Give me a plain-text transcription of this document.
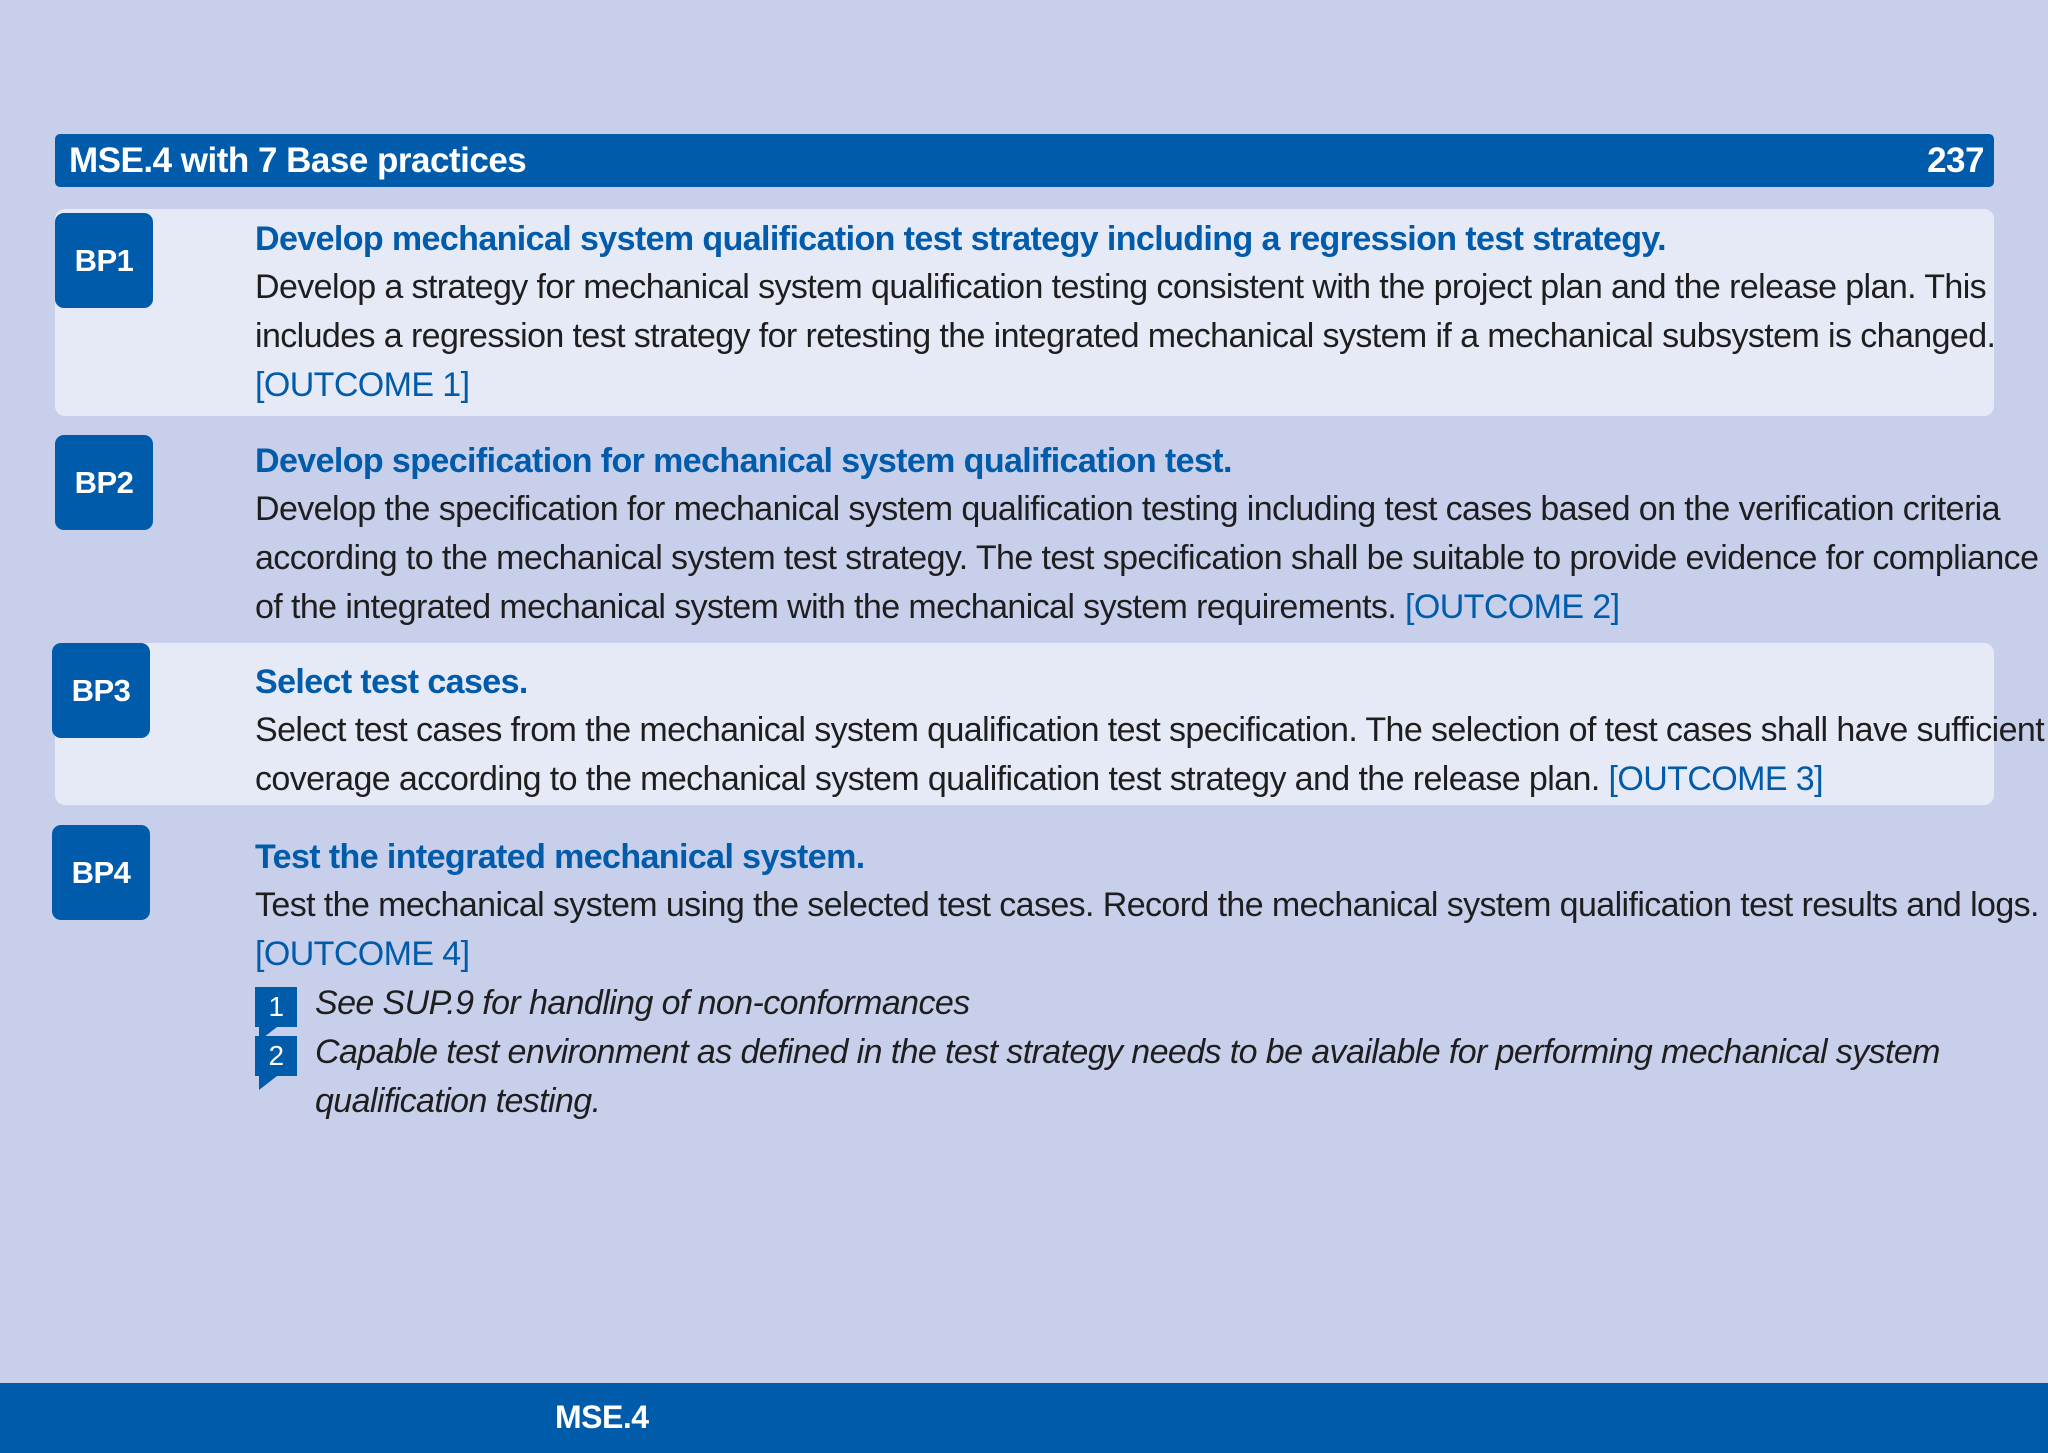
MSE.4 with 7 Base practices	237
BP1
Develop mechanical system qualification test strategy including a regression test strategy.
Develop a strategy for mechanical system qualification testing consistent with the project plan and the release plan. This includes a regression test strategy for retesting the integrated mechanical system if a mechanical subsystem is changed. [OUTCOME 1]
BP2
Develop specification for mechanical system qualification test.
Develop the specification for mechanical system qualification testing including test cases based on the verification criteria according to the mechanical system test strategy. The test specification shall be suitable to provide evidence for compliance of the integrated mechanical system with the mechanical system requirements. [OUTCOME 2]
BP3	Select test cases.
Select test cases from the mechanical system qualification test specification. The selection of test cases shall have sufficient coverage according to the mechanical system qualification test strategy and the release plan. [OUTCOME 3]
BP4	Test the integrated mechanical system.
Test the mechanical system using the selected test cases. Record the mechanical system qualification test results and logs. [OUTCOME 4]
1 See SUP.9 for handling of non-conformances
2 Capable test environment as defined in the test strategy needs to be available for performing mechanical system qualification testing.
MSE.4
